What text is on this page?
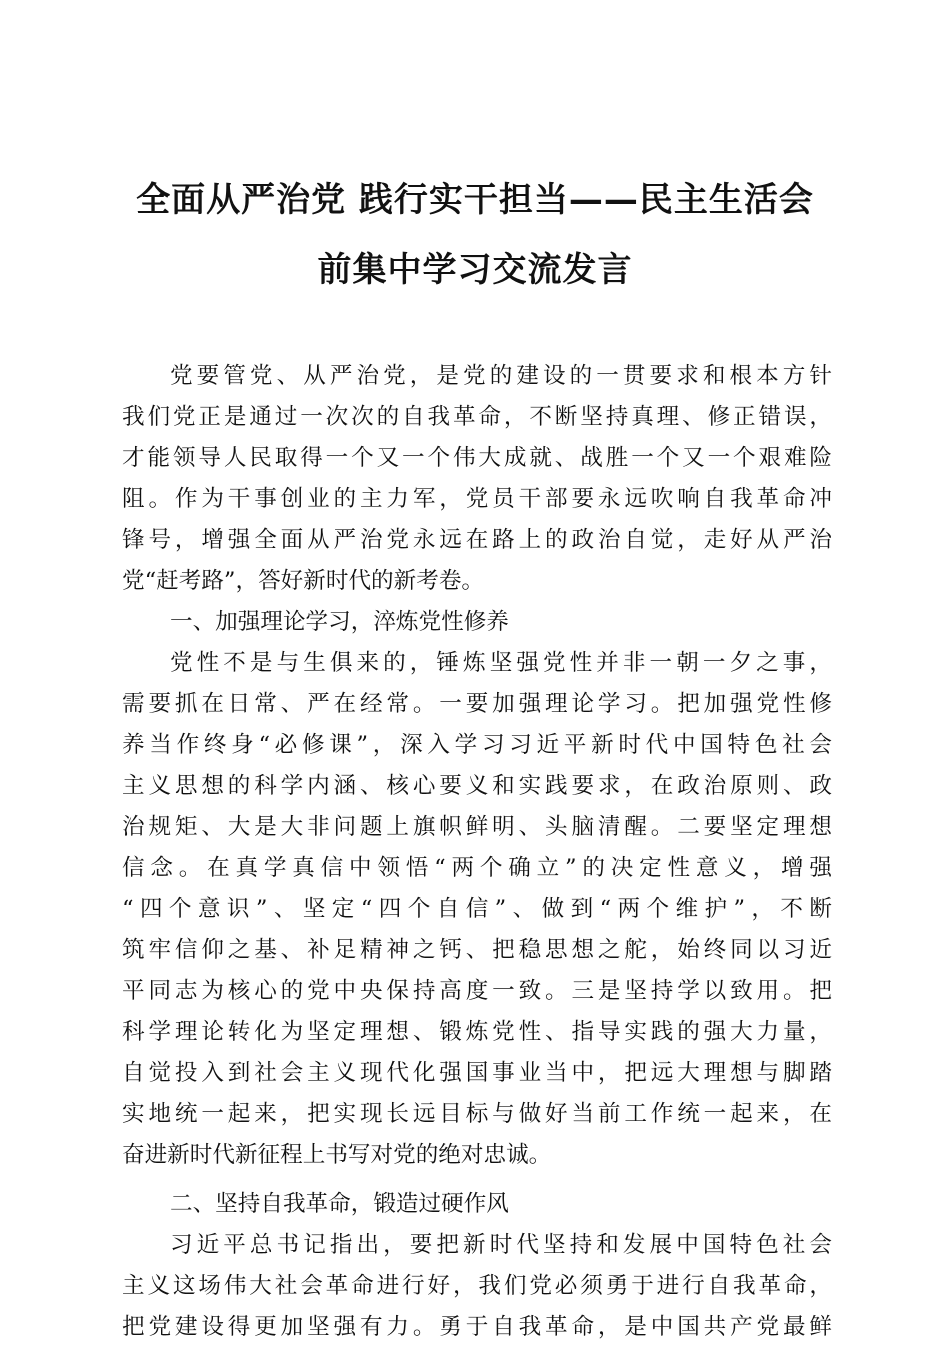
全面从严治党 践行实干担当——民主生活会
前集中学习交流发言
党要管党、从严治党，是党的建设的一贯要求和根本方针
我们党正是通过一次次的自我革命，不断坚持真理、修正错误，
才能领导人民取得一个又一个伟大成就、战胜一个又一个艰难险
阻。作为干事创业的主力军，党员干部要永远吹响自我革命冲
锋号，增强全面从严治党永远在路上的政治自觉，走好从严治
党“赶考路”，答好新时代的新考卷。
一、加强理论学习，淬炼党性修养
党性不是与生俱来的，锤炼坚强党性并非一朝一夕之事，
需要抓在日常、严在经常。一要加强理论学习。把加强党性修
养当作终身“必修课”，深入学习习近平新时代中国特色社会
主义思想的科学内涵、核心要义和实践要求，在政治原则、政
治规矩、大是大非问题上旗帜鲜明、头脑清醒。二要坚定理想
信念。在真学真信中领悟“两个确立”的决定性意义，增强
“四个意识”、坚定“四个自信”、做到“两个维护”，不断
筑牢信仰之基、补足精神之钙、把稳思想之舵，始终同以习近
平同志为核心的党中央保持高度一致。三是坚持学以致用。把
科学理论转化为坚定理想、锻炼党性、指导实践的强大力量，
自觉投入到社会主义现代化强国事业当中，把远大理想与脚踏
实地统一起来，把实现长远目标与做好当前工作统一起来，在
奋进新时代新征程上书写对党的绝对忠诚。
二、坚持自我革命，锻造过硬作风
习近平总书记指出，要把新时代坚持和发展中国特色社会
主义这场伟大社会革命进行好，我们党必须勇于进行自我革命，
把党建设得更加坚强有力。勇于自我革命，是中国共产党最鲜
